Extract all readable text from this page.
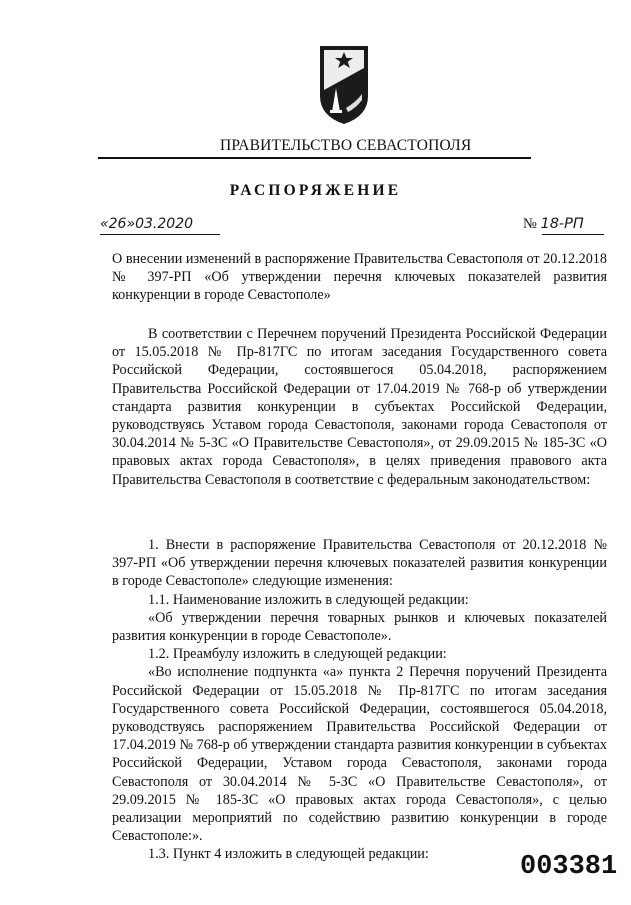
ПРАВИТЕЛЬСТВО СЕВАСТОПОЛЯ
РАСПОРЯЖЕНИЕ
«26»03.2020	№ 18-РП

О внесении изменений в распоряжение Правительства Севастополя от 20.12.2018 № 397-РП «Об утверждении перечня ключевых показателей развития конкуренции в городе Севастополе»

В соответствии с Перечнем поручений Президента Российской Федерации от 15.05.2018 № Пр-817ГС по итогам заседания Государственного совета Российской Федерации, состоявшегося 05.04.2018, распоряжением Правительства Российской Федерации от 17.04.2019 № 768-р об утверждении стандарта развития конкуренции в субъектах Российской Федерации, руководствуясь Уставом города Севастополя, законами города Севастополя от 30.04.2014 № 5-ЗС «О Правительстве Севастополя», от 29.09.2015 № 185-ЗС «О правовых актах города Севастополя», в целях приведения правового акта Правительства Севастополя в соответствие с федеральным законодательством:

1. Внести в распоряжение Правительства Севастополя от 20.12.2018 № 397-РП «Об утверждении перечня ключевых показателей развития конкуренции в городе Севастополе» следующие изменения:

1.1. Наименование изложить в следующей редакции:

«Об утверждении перечня товарных рынков и ключевых показателей развития конкуренции в городе Севастополе».

1.2. Преамбулу изложить в следующей редакции:

«Во исполнение подпункта «а» пункта 2 Перечня поручений Президента Российской Федерации от 15.05.2018 № Пр-817ГС по итогам заседания Государственного совета Российской Федерации, состоявшегося 05.04.2018, руководствуясь распоряжением Правительства Российской Федерации от 17.04.2019 № 768-р об утверждении стандарта развития конкуренции в субъектах Российской Федерации, Уставом города Севастополя, законами города Севастополя от 30.04.2014 № 5-ЗС «О Правительстве Севастополя», от 29.09.2015 № 185-ЗС «О правовых актах города Севастополя», с целью реализации мероприятий по содействию развитию конкуренции в городе Севастополе:».

1.3. Пункт 4 изложить в следующей редакции:	003381
